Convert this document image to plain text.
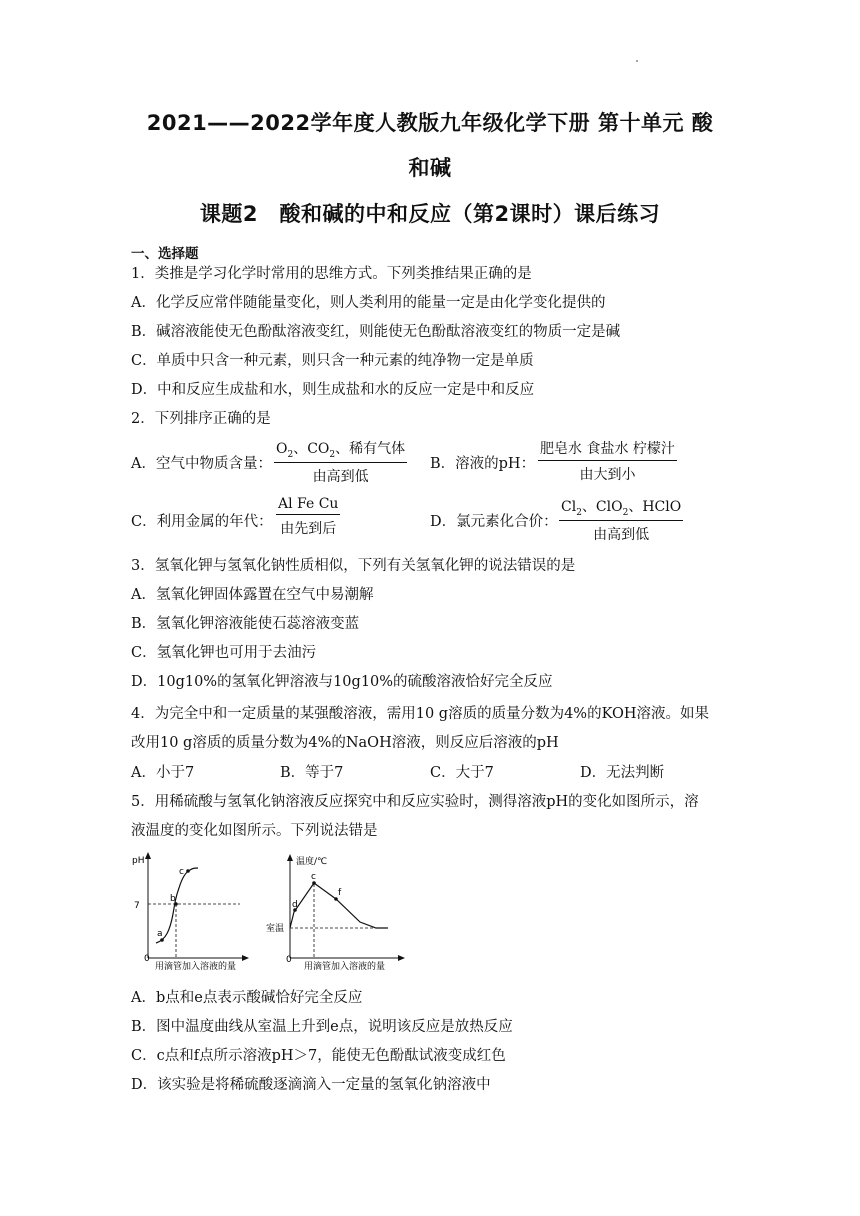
2021——2022学年度人教版九年级化学下册 第十单元 酸
和碱
课题2　酸和碱的中和反应（第2课时）课后练习
一、选择题
1．类推是学习化学时常用的思维方式。下列类推结果正确的是
A．化学反应常伴随能量变化，则人类利用的能量一定是由化学变化提供的
B．碱溶液能使无色酚酞溶液变红，则能使无色酚酞溶液变红的物质一定是碱
C．单质中只含一种元素，则只含一种元素的纯净物一定是单质
D．中和反应生成盐和水，则生成盐和水的反应一定是中和反应
2．下列排序正确的是
A．空气中物质含量：
$O_2$、$CO_2$、稀有气体
由高到低
B．溶液的pH：
肥皂水 食盐水 柠檬汁
由大到小
C．利用金属的年代：
Al Fe Cu
由先到后	D．氯元素化合价：
$Cl_2$、ClO$_2$、HClO
由高到低
3．氢氧化钾与氢氧化钠性质相似，下列有关氢氧化钾的说法错误的是
A．氢氧化钾固体露置在空气中易潮解
B．氢氧化钾溶液能使石蕊溶液变蓝
C．氢氧化钾也可用于去油污
D．10g10%的氢氧化钾溶液与10g10%的硫酸溶液恰好完全反应
4．为完全中和一定质量的某强酸溶液，需用10 g溶质的质量分数为4%的KOH溶液。如果
改用10 g溶质的质量分数为4%的NaOH溶液，则反应后溶液的pH
A．小于7	B．等于7	C．大于7	D．无法判断
5．用稀硫酸与氢氧化钠溶液反应探究中和反应实验时，测得溶液pH的变化如图所示，溶
液温度的变化如图所示。下列说法错是
pH
7
0
a
b
c
用滴管加入溶液的量
温度/℃
室温
0
d
c
f
用滴管加入溶液的量
A．b点和e点表示酸碱恰好完全反应
B．图中温度曲线从室温上升到e点，说明该反应是放热反应
C．c点和f点所示溶液pH＞7，能使无色酚酞试液变成红色
D．该实验是将稀硫酸逐滴滴入一定量的氢氧化钠溶液中
